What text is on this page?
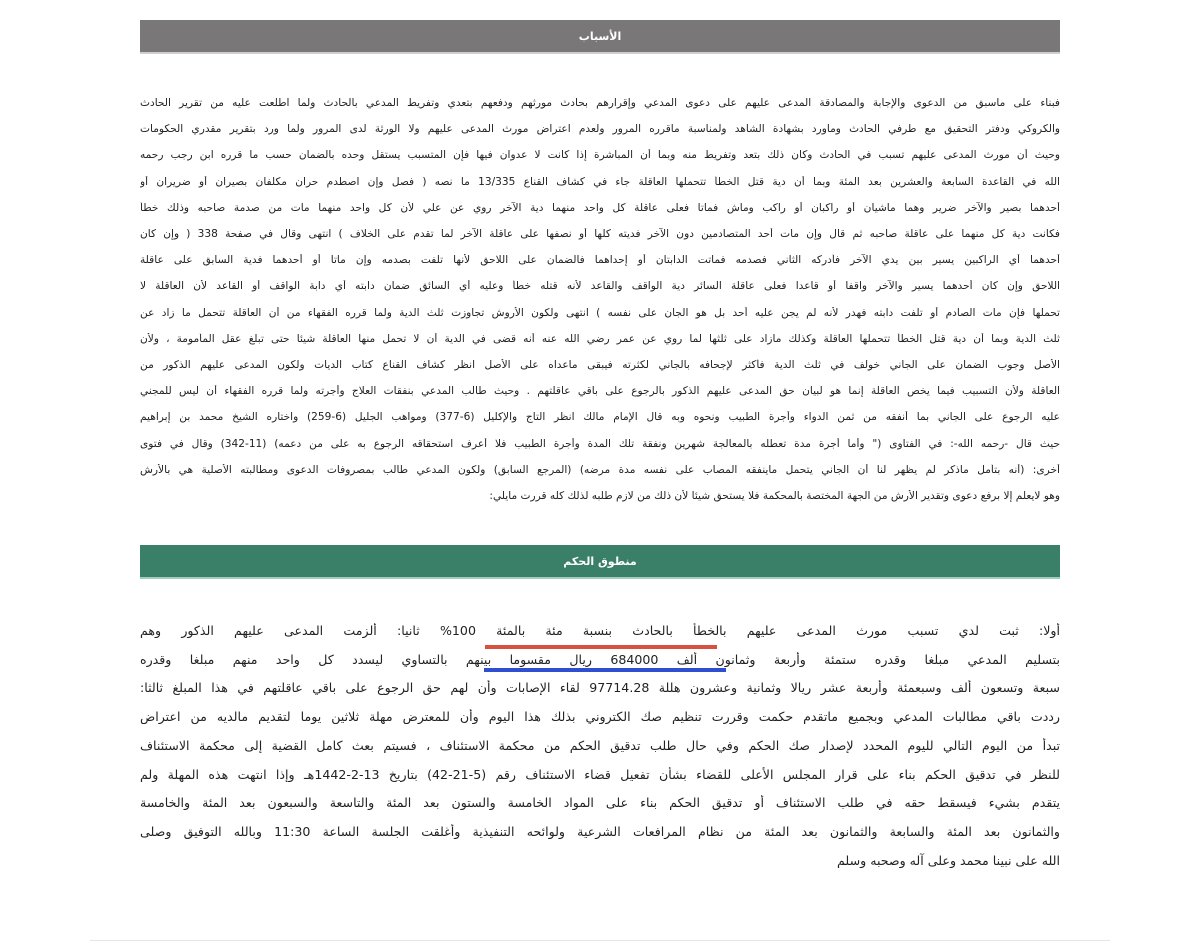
الأسباب
فبناء على ماسبق من الدعوى والإجابة والمصادقة المدعى عليهم على دعوى المدعي وإقرارهم بحادث مورثهم ودفعهم بتعدي وتفريط المدعي بالحادث ولما اطلعت عليه من تقرير الحادث
والكروكي ودفتر التحقيق مع طرفي الحادث وماورد بشهادة الشاهد ولمناسبة ماقرره المرور ولعدم اعتراض مورث المدعى عليهم ولا الورثة لدى المرور ولما ورد بتقرير مقدري الحكومات
وحيث أن مورث المدعى عليهم تسبب في الحادث وكان ذلك بتعد وتفريط منه وبما أن المباشرة إذا كانت لا عدوان فيها فإن المتسبب يستقل وحده بالضمان حسب ما قرره ابن رجب رحمه
الله في القاعدة السابعة والعشرين بعد المئة وبما أن دية قتل الخطأ تتحملها العاقلة جاء في كشاف القناع 13/335 ما نصه ( فصل وإن اصطدم حران مكلفان بصيران أو ضريران أو
أحدهما بصير والآخر ضرير وهما ماشيان أو راكبان أو راكب وماش فماتا فعلى عاقلة كل واحد منهما دية الآخر روي عن علي لأن كل واحد منهما مات من صدمة صاحبه وذلك خطأ
فكانت دية كل منهما على عاقلة صاحبه ثم قال وإن مات أحد المتصادمين دون الآخر فديته كلها أو نصفها على عاقلة الآخر لما تقدم على الخلاف ) انتهى وقال في صفحة 338 ( وإن كان
أحدهما أي الراكبين يسير بين يدي الآخر فأدركه الثاني فصدمه فماتت الدابتان أو إحداهما فالضمان على اللاحق لأنها تلفت بصدمه وإن ماتا أو أحدهما فدية السابق على عاقلة
اللاحق وإن كان أحدهما يسير والآخر واقفا أو قاعدا فعلى عاقلة السائر دية الواقف والقاعد لأنه قتله خطأ وعليه أي السائق ضمان دابته أي دابة الواقف أو القاعد لأن العاقلة لا
تحملها فإن مات الصادم أو تلفت دابته فهدر لأنه لم يجن عليه أحد بل هو الجان على نفسه ) انتهى ولكون الأروش تجاوزت ثلث الدية ولما قرره الفقهاء من أن العاقلة تتحمل ما زاد عن
ثلث الدية وبما أن دية قتل الخطأ تتحملها العاقلة وكذلك مازاد على ثلثها لما روي عن عمر رضي الله عنه أنه قضى في الدية أن لا تحمل منها العاقلة شيئا حتى تبلغ عقل المأمومة ، ولأن
الأصل وجوب الضمان على الجاني خولف في ثلث الدية فأكثر لإجحافه بالجاني لكثرته فيبقى ماعداه على الأصل انظر كشاف القناع كتاب الديات ولكون المدعى عليهم الذكور من
العاقلة ولأن التسبيب فيما يخص العاقلة إنما هو لبيان حق المدعى عليهم الذكور بالرجوع على باقي عاقلتهم . وحيث طالب المدعي بنفقات العلاج وأجرته ولما قرره الفقهاء أن ليس للمجني
عليه الرجوع على الجاني بما أنفقه من ثمن الدواء وأجرة الطبيب ونحوه وبه قال الإمام مالك انظر التاج والإكليل (6-377) ومواهب الجليل (6-259) واختاره الشيخ محمد بن إبراهيم
حيث قال -رحمه الله-: في الفتاوى (" وأما أجرة مدة تعطله بالمعالجة شهرين ونفقة تلك المدة وأجرة الطبيب فلا أعرف استحقاقه الرجوع به على من دعمه) (11-342) وقال في فتوى
أخرى: (أنه بتأمل ماذكر لم يظهر لنا أن الجاني يتحمل ماينفقه المصاب على نفسه مدة مرضه) (المرجع السابق) ولكون المدعي طالب بمصروفات الدعوى ومطالبته الأصلية هي بالأرش
وهو لايعلم إلا برفع دعوى وتقدير الأرش من الجهة المختصة بالمحكمة فلا يستحق شيئا لأن ذلك من لازم طلبه لذلك كله قررت مايلي:
منطوق الحكم
أولا: ثبت لدي تسبب مورث المدعى عليهم بالخطأ بالحادث بنسبة مئة بالمئة 100% ثانيا: ألزمت المدعى عليهم الذكور وهم
بتسليم المدعي مبلغا وقدره ستمئة وأربعة وثمانون ألف 684000 ريال مقسوما بينهم بالتساوي ليسدد كل واحد منهم مبلغا وقدره
سبعة وتسعون ألف وسبعمئة وأربعة عشر ريالا وثمانية وعشرون هللة 97714.28 لقاء الإصابات وأن لهم حق الرجوع على باقي عاقلتهم في هذا المبلغ ثالثا:
رددت باقي مطالبات المدعي وبجميع ماتقدم حكمت وقررت تنظيم صك الكتروني بذلك هذا اليوم وأن للمعترض مهلة ثلاثين يوما لتقديم مالديه من اعتراض
تبدأ من اليوم التالي لليوم المحدد لإصدار صك الحكم وفي حال طلب تدقيق الحكم من محكمة الاستئناف ، فسيتم بعث كامل القضية إلى محكمة الاستئناف
للنظر في تدقيق الحكم بناء على قرار المجلس الأعلى للقضاء بشأن تفعيل قضاء الاستئناف رقم (5-21-42) بتاريخ 13-2-1442هـ وإذا انتهت هذه المهلة ولم
يتقدم بشيء فيسقط حقه في طلب الاستئناف أو تدقيق الحكم بناء على المواد الخامسة والستون بعد المئة والتاسعة والسبعون بعد المئة والخامسة
والثمانون بعد المئة والسابعة والثمانون بعد المئة من نظام المرافعات الشرعية ولوائحه التنفيذية وأغلقت الجلسة الساعة 11:30 وبالله التوفيق وصلى
الله على نبينا محمد وعلى آله وصحبه وسلم
